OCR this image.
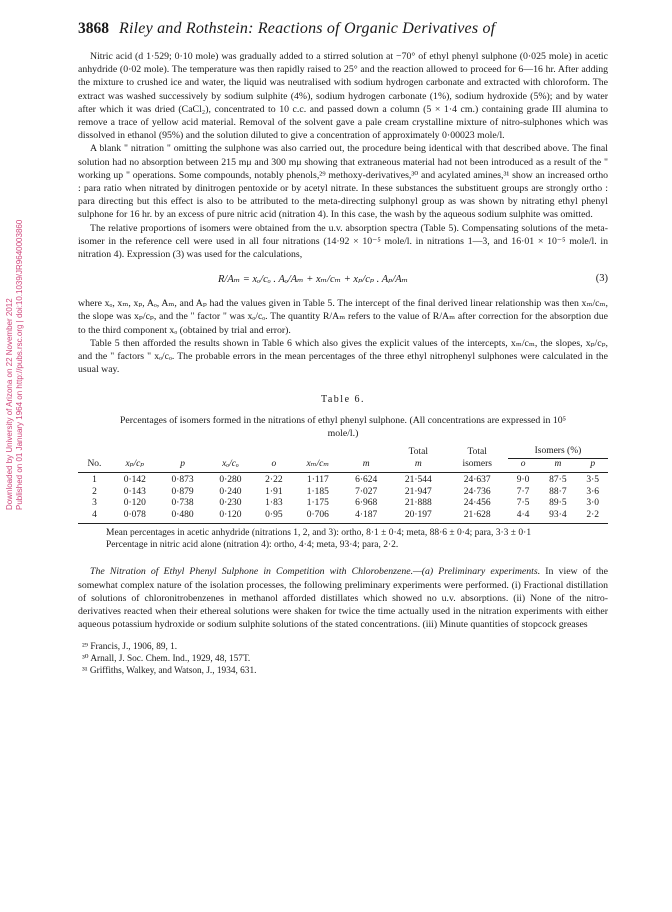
Downloaded by University of Arizona on 22 November 2012 Published on 01 January 1964 on http://pubs.rsc.org | doi:10.1039/JR9640003860
3868 Riley and Rothstein: Reactions of Organic Derivatives of

Nitric acid (d 1·529; 0·10 mole) was gradually added to a stirred solution at −70° of ethyl phenyl sulphone (0·025 mole) in acetic anhydride (0·02 mole). The temperature was then rapidly raised to 25° and the reaction allowed to proceed for 6—16 hr. After adding the mixture to crushed ice and water, the liquid was neutralised with sodium hydrogen carbonate and extracted with chloroform. The extract was washed successively by sodium sulphite (4%), sodium hydrogen carbonate (1%), sodium hydroxide (5%); and by water after which it was dried (CaCl₂), concentrated to 10 c.c. and passed down a column (5 × 1·4 cm.) containing grade III alumina to remove a trace of yellow acid material. Removal of the solvent gave a pale cream crystalline mixture of nitro-sulphones which was dissolved in ethanol (95%) and the solution diluted to give a concentration of approximately 0·00023 mole/l.

A blank " nitration " omitting the sulphone was also carried out, the procedure being identical with that described above. The final solution had no absorption between 215 mμ and 300 mμ showing that extraneous material had not been introduced as a result of the " working up " operations. Some compounds, notably phenols,²⁹ methoxy-derivatives,³⁰ and acylated amines,³¹ show an increased ortho : para ratio when nitrated by dinitrogen pentoxide or by acetyl nitrate. In these substances the substituent groups are strongly ortho : para directing but this effect is also to be attributed to the meta-directing sulphonyl group as was shown by nitrating ethyl phenyl sulphone for 16 hr. by an excess of pure nitric acid (nitration 4). In this case, the wash by the aqueous sodium sulphite was omitted.

The relative proportions of isomers were obtained from the u.v. absorption spectra (Table 5). Compensating solutions of the meta-isomer in the reference cell were used in all four nitrations (14·92 × 10⁻⁵ mole/l. in nitrations 1—3, and 16·01 × 10⁻⁵ mole/l. in nitration 4). Expression (3) was used for the calculations,

R/Aₘ = xₒ/cₒ . Aₒ/Aₘ + xₘ/cₘ + xₚ/cₚ . Aₚ/Aₘ	(3)

where xₒ, xₘ, xₚ, Aₒ, Aₘ, and Aₚ had the values given in Table 5. The intercept of the final derived linear relationship was then xₘ/cₘ, the slope was xₚ/cₚ, and the " factor " was xₒ/cₒ. The quantity R/Aₘ refers to the value of R/Aₘ after correction for the absorption due to the third component xₒ (obtained by trial and error).

Table 5 then afforded the results shown in Table 6 which also gives the explicit values of the intercepts, xₘ/cₘ, the slopes, xₚ/cₚ, and the " factors " xₒ/cₒ. The probable errors in the mean percentages of the three ethyl nitrophenyl sulphones were calculated in the usual way.

Table 6.
Percentages of isomers formed in the nitrations of ethyl phenyl sulphone. (All concentrations are expressed in 10⁵ mole/l.)
							Total	Total	Isomers (%)		
No.	xₚ/cₚ	p	xₒ/cₒ	o	xₘ/cₘ	m	m	isomers	o	m	p
1	0·142	0·873	0·280	2·22	1·117	6·624	21·544	24·637	9·0	87·5	3·5
2	0·143	0·879	0·240	1·91	1·185	7·027	21·947	24·736	7·7	88·7	3·6
3	0·120	0·738	0·230	1·83	1·175	6·968	21·888	24·456	7·5	89·5	3·0
4	0·078	0·480	0·120	0·95	0·706	4·187	20·197	21·628	4·4	93·4	2·2
Mean percentages in acetic anhydride (nitrations 1, 2, and 3): ortho, 8·1 ± 0·4; meta, 88·6 ± 0·4; para, 3·3 ± 0·1
Percentage in nitric acid alone (nitration 4): ortho, 4·4; meta, 93·4; para, 2·2.

The Nitration of Ethyl Phenyl Sulphone in Competition with Chlorobenzene.—(a) Preliminary experiments. In view of the somewhat complex nature of the isolation processes, the following preliminary experiments were performed. (i) Fractional distillation of solutions of chloronitrobenzenes in methanol afforded distillates which showed no u.v. absorptions. (ii) None of the nitro-derivatives reacted when their ethereal solutions were shaken for twice the time actually used in the nitration experiments with either aqueous potassium hydroxide or sodium sulphite solutions of the stated concentrations. (iii) Minute quantities of stopcock greases

²⁹ Francis, J., 1906, 89, 1.
³⁰ Arnall, J. Soc. Chem. Ind., 1929, 48, 157T.
³¹ Griffiths, Walkey, and Watson, J., 1934, 631.
